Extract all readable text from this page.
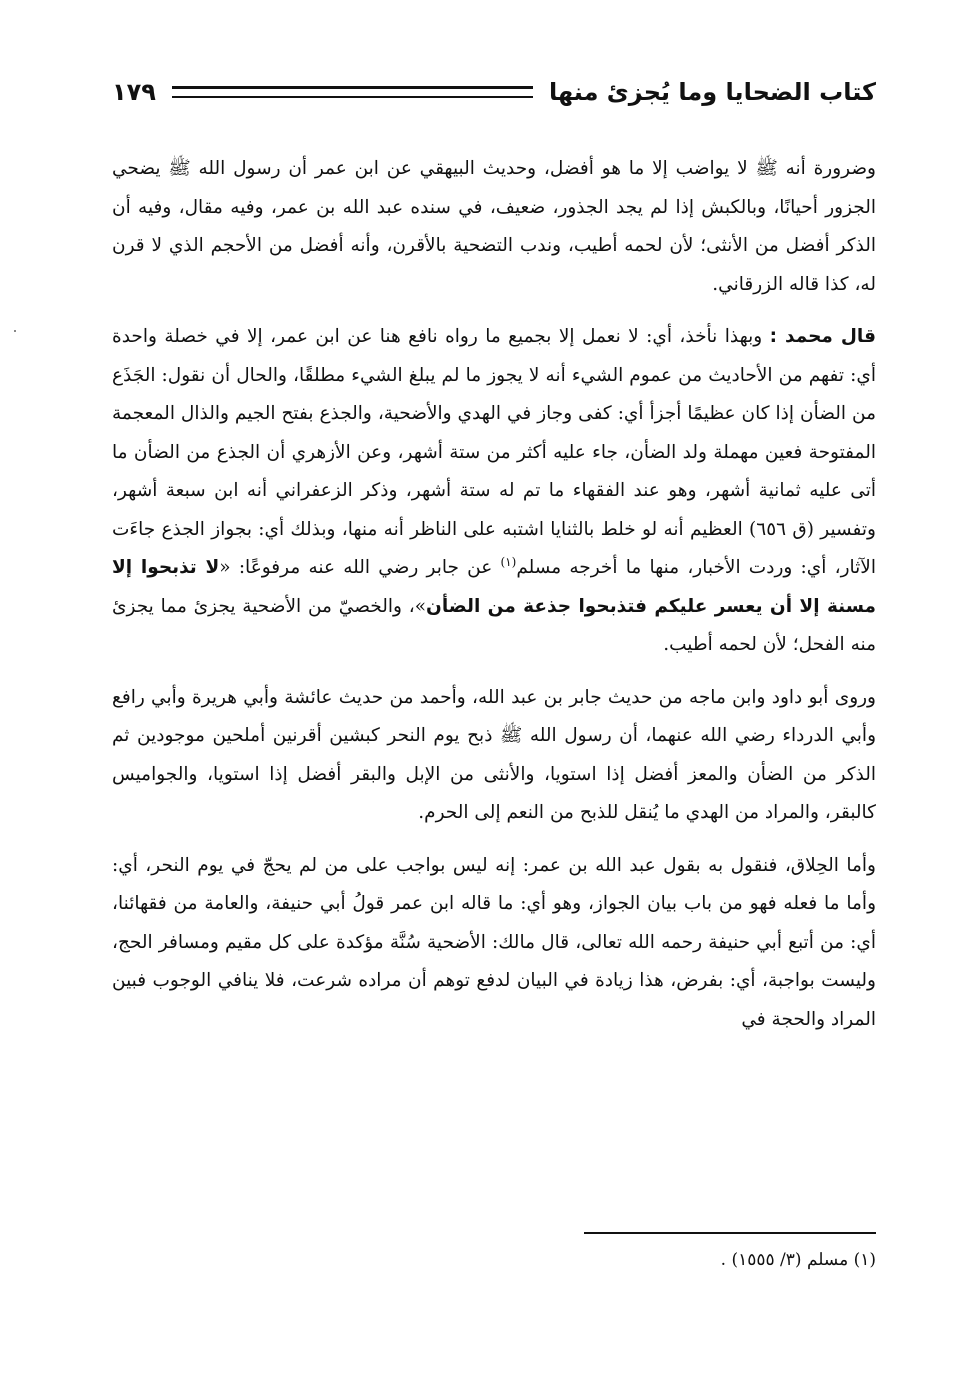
كتاب الضحايا وما يُجزئ منها
١٧٩

وضرورة أنه ﷺ لا يواضب إلا ما هو أفضل، وحديث البيهقي عن ابن عمر أن رسول الله ﷺ يضحي الجزور أحيانًا، وبالكبش إذا لم يجد الجذور، ضعيف، في سنده عبد الله بن عمر، وفيه مقال، وفيه أن الذكر أفضل من الأنثى؛ لأن لحمه أطيب، وندب التضحية بالأقرن، وأنه أفضل من الأحجم الذي لا قرن له، كذا قاله الزرقاني.

قال محمد : وبهذا نأخذ، أي: لا نعمل إلا بجميع ما رواه نافع هنا عن ابن عمر، إلا في خصلة واحدة أي: تفهم من الأحاديث من عموم الشيء أنه لا يجوز ما لم يبلغ الشيء مطلقًا، والحال أن نقول: الجَذَع من الضأن إذا كان عظيمًا أجزأ أي: كفى وجاز في الهدي والأضحية، والجذع بفتح الجيم والذال المعجمة المفتوحة فعين مهملة ولد الضأن، جاء عليه أكثر من ستة أشهر، وعن الأزهري أن الجذع من الضأن ما أتى عليه ثمانية أشهر، وهو عند الفقهاء ما تم له ستة أشهر، وذكر الزعفراني أنه ابن سبعة أشهر، وتفسير (ق ٦٥٦) العظيم أنه لو خلط بالثنايا اشتبه على الناظر أنه منها، وبذلك أي: بجواز الجذع جاءَت الآثار، أي: وردت الأخبار، منها ما أخرجه مسلم$^{(١)}$ عن جابر رضي الله عنه مرفوعًا: «لا تذبحوا إلا مسنة إلا أن يعسر عليكم فتذبحوا جذعة من الضأن»، والخصيّ من الأضحية يجزئ مما يجزئ منه الفحل؛ لأن لحمه أطيب.

وروى أبو داود وابن ماجه من حديث جابر بن عبد الله، وأحمد من حديث عائشة وأبي هريرة وأبي رافع وأبي الدرداء رضي الله عنهما، أن رسول الله ﷺ ذبح يوم النحر كبشين أقرنين أملحين موجودين ثم الذكر من الضأن والمعز أفضل إذا استويا، والأنثى من الإبل والبقر أفضل إذا استويا، والجواميس كالبقر، والمراد من الهدي ما يُنقل للذبح من النعم إلى الحرم.

وأما الحِلاق، فنقول به بقول عبد الله بن عمر: إنه ليس بواجب على من لم يحجّ في يوم النحر، أي: وأما ما فعله فهو من باب بيان الجواز، وهو أي: ما قاله ابن عمر قولُ أبي حنيفة، والعامة من فقهائنا، أي: من أتبع أبي حنيفة رحمه الله تعالى، قال مالك: الأضحية سُنَّة مؤكدة على كل مقيم ومسافر الحج، وليست بواجبة، أي: بفرض، هذا زيادة في البيان لدفع توهم أن مراده شرعت، فلا ينافي الوجوب فبين المراد والحجة في

(١) مسلم (٣/ ١٥٥٥) .
